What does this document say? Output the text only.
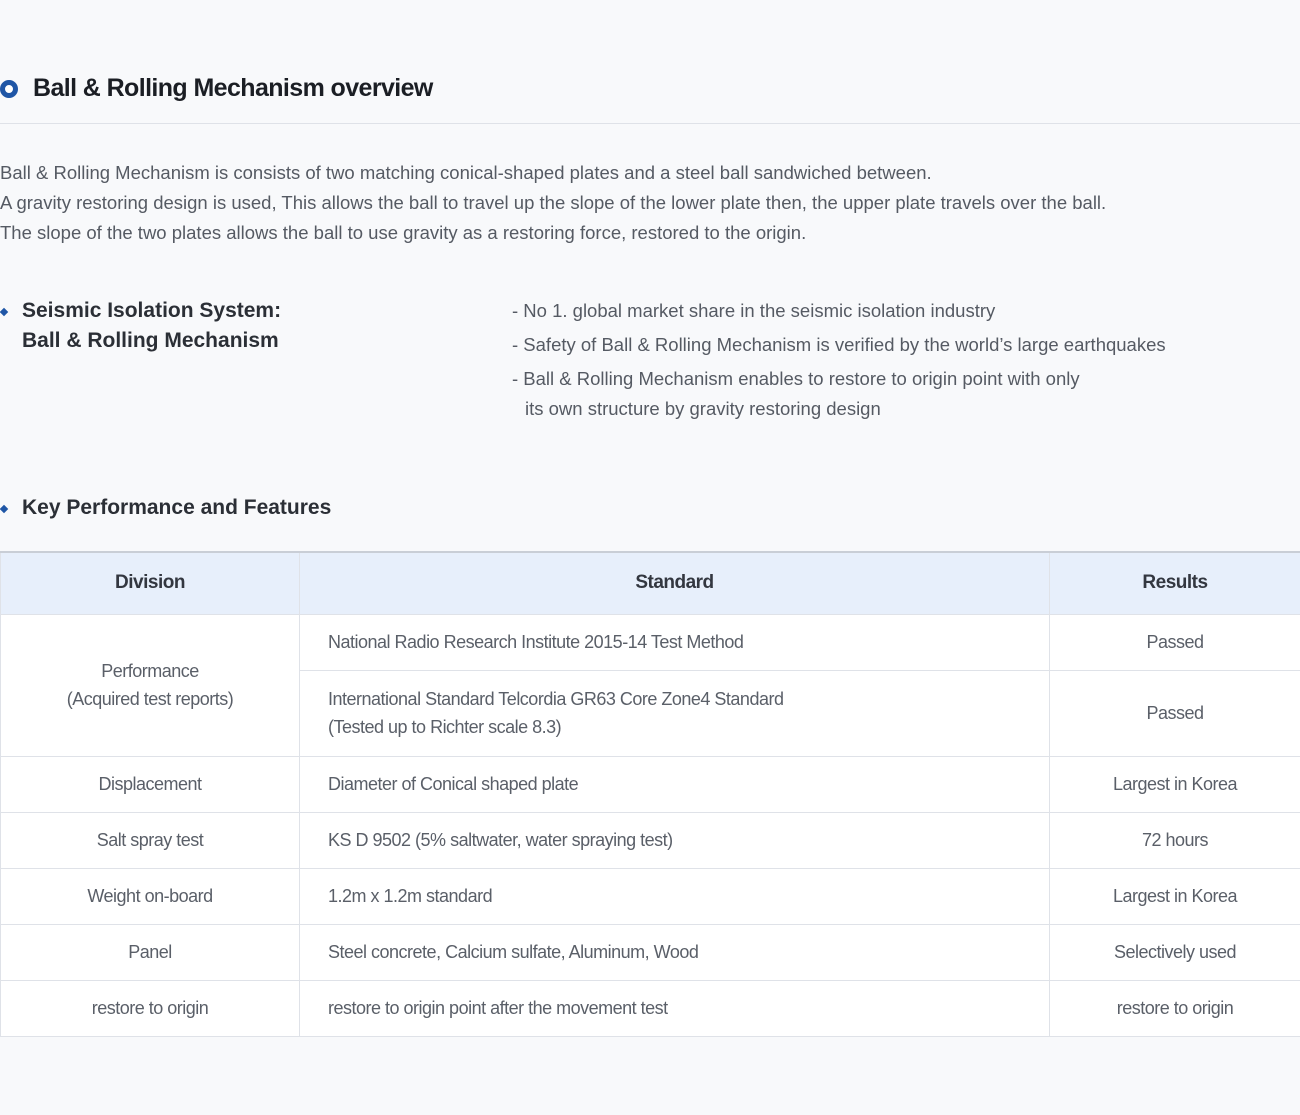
Ball & Rolling Mechanism overview

Ball & Rolling Mechanism is consists of two matching conical-shaped plates and a steel ball sandwiched between.

A gravity restoring design is used, This allows the ball to travel up the slope of the lower plate then, the upper plate travels over the ball.

The slope of the two plates allows the ball to use gravity as a restoring force, restored to the origin.

Seismic Isolation System:
Ball & Rolling Mechanism
- No 1. global market share in the seismic isolation industry
- Safety of Ball & Rolling Mechanism is verified by the world’s large earthquakes
- Ball & Rolling Mechanism enables to restore to origin point with only
its own structure by gravity restoring design
Key Performance and Features
Division	Standard	Results

Performance
(Acquired test reports)	National Radio Research Institute 2015-14 Test Method	Passed

	International Standard Telcordia GR63 Core Zone4 Standard
(Tested up to Richter scale 8.3)	Passed
Displacement	Diameter of Conical shaped plate	Largest in Korea
Salt spray test	KS D 9502 (5% saltwater, water spraying test)	72 hours
Weight on-board	1.2m x 1.2m standard	Largest in Korea
Panel	Steel concrete, Calcium sulfate, Aluminum, Wood	Selectively used
restore to origin	restore to origin point after the movement test	restore to origin
